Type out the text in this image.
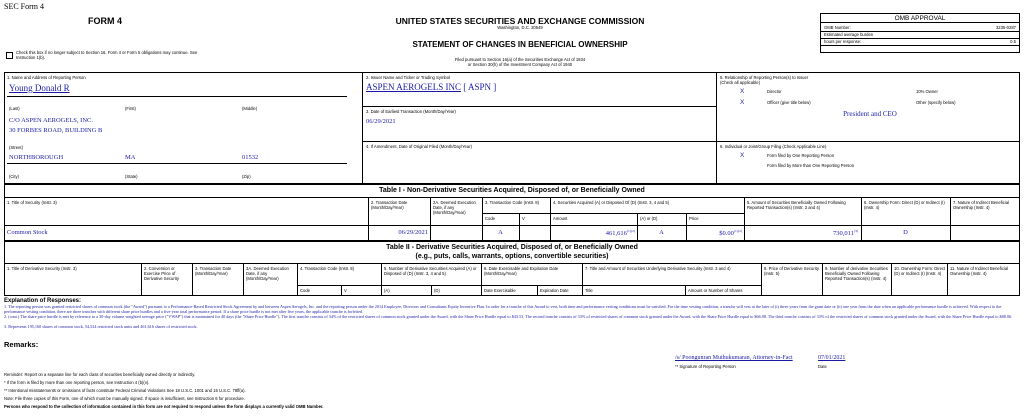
SEC Form 4
FORM 4	UNITED STATES SECURITIES AND EXCHANGE COMMISSION
Washington, D.C. 20549
STATEMENT OF CHANGES IN BENEFICIAL OWNERSHIP
Filed pursuant to Section 16(a) of the Securities Exchange Act of 1934
or Section 30(h) of the Investment Company Act of 1940
Check this box if no longer subject to Section 16. Form 4 or Form 5 obligations may continue. See Instruction 1(b).
OMB APPROVAL
OMB Number:	3235-0287
Estimated average burden
hours per response:	0.5
1. Name and Address of Reporting Person
Young Donald R
(Last)	(First)	(Middle)
C/O ASPEN AEROGELS, INC.
30 FORBES ROAD, BUILDING B
(Street)
NORTHBOROUGH	MA	01532
(City)	(State)	(Zip)
2. Issuer Name and Ticker or Trading Symbol
ASPEN AEROGELS INC [ ASPN ]
3. Date of Earliest Transaction (Month/Day/Year)
06/29/2021
4. If Amendment, Date of Original Filed (Month/Day/Year)
5. Relationship of Reporting Person(s) to Issuer
(Check all applicable)
X	Director	10% Owner
X	Officer (give title below)	Other (specify below)
President and CEO
6. Individual or Joint/Group Filing (Check Applicable Line)
X	Form filed by One Reporting Person
Form filed by More than One Reporting Person
Table I - Non-Derivative Securities Acquired, Disposed of, or Beneficially Owned
1. Title of Security (Instr. 3)	2. Transaction Date (Month/Day/Year)
2A. Deemed Execution Date, if any (Month/Day/Year)
3. Transaction Code (Instr. 8)	4. Securities Acquired (A) or Disposed Of (D) (Instr. 3, 4 and 5)	5. Amount of Securities Beneficially Owned Following Reported Transaction(s) (Instr. 3 and 4)
6. Ownership Form: Direct (D) or Indirect (I) (Instr. 4)
7. Nature of Indirect Beneficial Ownership (Instr. 4)
Code	V	Amount	(A) or (D)	Price
Common Stock	06/29/2021	A	$461,616^{(1)(2)}$	A	$\$0.00^{(1)(2)}$	730,011$^{(3)}$	D
Table II - Derivative Securities Acquired, Disposed of, or Beneficially Owned
(e.g., puts, calls, warrants, options, convertible securities)
1. Title of Derivative Security (Instr. 3)	2. Conversion or Exercise Price of Derivative Security
3. Transaction Date (Month/Day/Year)
3A. Deemed Execution Date, if any (Month/Day/Year)
4. Transaction Code (Instr. 8)	5. Number of Derivative Securities Acquired (A) or Disposed of (D) (Instr. 3, 4 and 5)
6. Date Exercisable and Expiration Date (Month/Day/Year)
7. Title and Amount of Securities Underlying Derivative Security (Instr. 3 and 4)	8. Price of Derivative Security (Instr. 5)
9. Number of derivative Securities Beneficially Owned Following Reported Transaction(s) (Instr. 4)
10. Ownership Form: Direct (D) or Indirect (I) (Instr. 4)
11. Nature of Indirect Beneficial Ownership (Instr. 4)
Code	V	(A)	(D)	Date Exercisable	Expiration Date	Title	Amount or Number of Shares
Explanation of Responses:
1. The reporting person was granted restricted shares of common stock (the "Award") pursuant to a Performance-Based Restricted Stock Agreement by and between Aspen Aerogels, Inc. and the reporting person under the 2014 Employee, Directors and Consultants Equity Incentive Plan. In order for a tranche of this Award to vest, both time and performance vesting conditions must be satisfied. For the time vesting condition, a tranche will vest at the later of (i) three years from the grant date or (ii) one year from the date when an applicable performance hurdle is achieved. With respect to the performance vesting condition, there are three tranches with different share price hurdles and a five-year total performance period. If a share price hurdle is not met after five years, the applicable tranche is forfeited.
2. (cont.) The share price hurdle is met by reference to a 30-day volume weighted average price ("VWAP") that is maintained for 40 days (the "Share Price Hurdle"). The first tranche consists of 34% of the restricted shares of common stock granted under the Award, with the Share Price Hurdle equal to $43.53. The second tranche consists of 33% of restricted shares of common stock granted under the Award, with the Share Price Hurdle equal to $66.98. The third tranche consists of 33% of the restricted shares of common stock granted under the Award, with the Share Price Hurdle equal to $88.06.
3. Represents 195,160 shares of common stock, 54,524 restricted stock units and 461,616 shares of restricted stock.
Remarks:
/s/ Poongunran Muthukumaran, Attorney-in-Fact	07/01/2021
** Signature of Reporting Person	Date
Reminder: Report on a separate line for each class of securities beneficially owned directly or indirectly.
* If the form is filed by more than one reporting person, see Instruction 4 (b)(v).
** Intentional misstatements or omissions of facts constitute Federal Criminal Violations See 18 U.S.C. 1001 and 15 U.S.C. 78ff(a).
Note: File three copies of this Form, one of which must be manually signed. If space is insufficient, see Instruction 6 for procedure.
Persons who respond to the collection of information contained in this form are not required to respond unless the form displays a currently valid OMB Number.
